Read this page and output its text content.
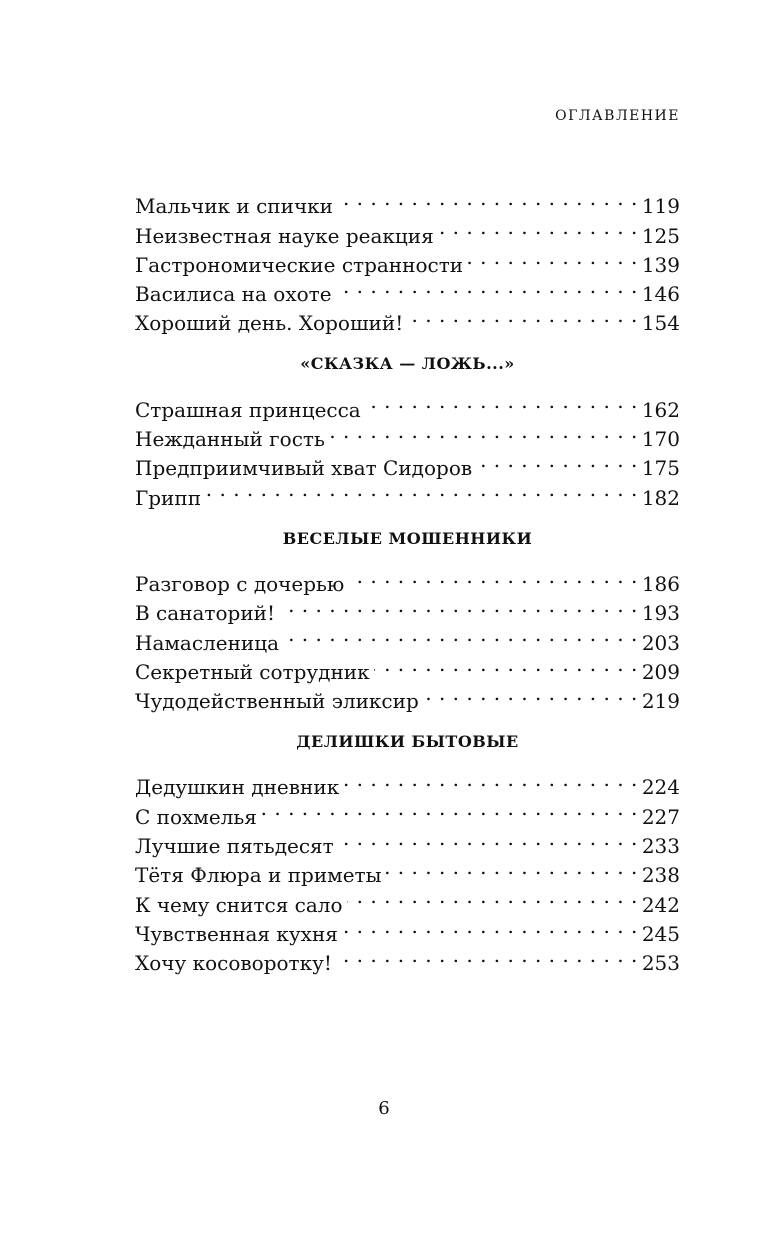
ОГЛАВЛЕНИЕ
Мальчик и спички . . .	119
Неизвестная науке реакция . . .	125
Гастрономические странности . . .	139
Василиса на охоте . . .	146
Хороший день. Хороший! . . .	154
«СКАЗКА — ЛОЖЬ...»
Страшная принцесса . . .	162
Нежданный гость . . .	170
Предприимчивый хват Сидоров . . .	175
Грипп . . .	182
ВЕСЕЛЫЕ МОШЕННИКИ
Разговор с дочерью . . .	186
В санаторий! . . .	193
Намасленица . . .	203
Секретный сотрудник . . .	209
Чудодейственный эликсир . . .	219
ДЕЛИШКИ БЫТОВЫЕ
Дедушкин дневник . . .	224
С похмелья . . .	227
Лучшие пятьдесят . . .	233
Тётя Флюра и приметы . . .	238
К чему снится сало . . .	242
Чувственная кухня . . .	245
Хочу косоворотку! . . .	253
6
